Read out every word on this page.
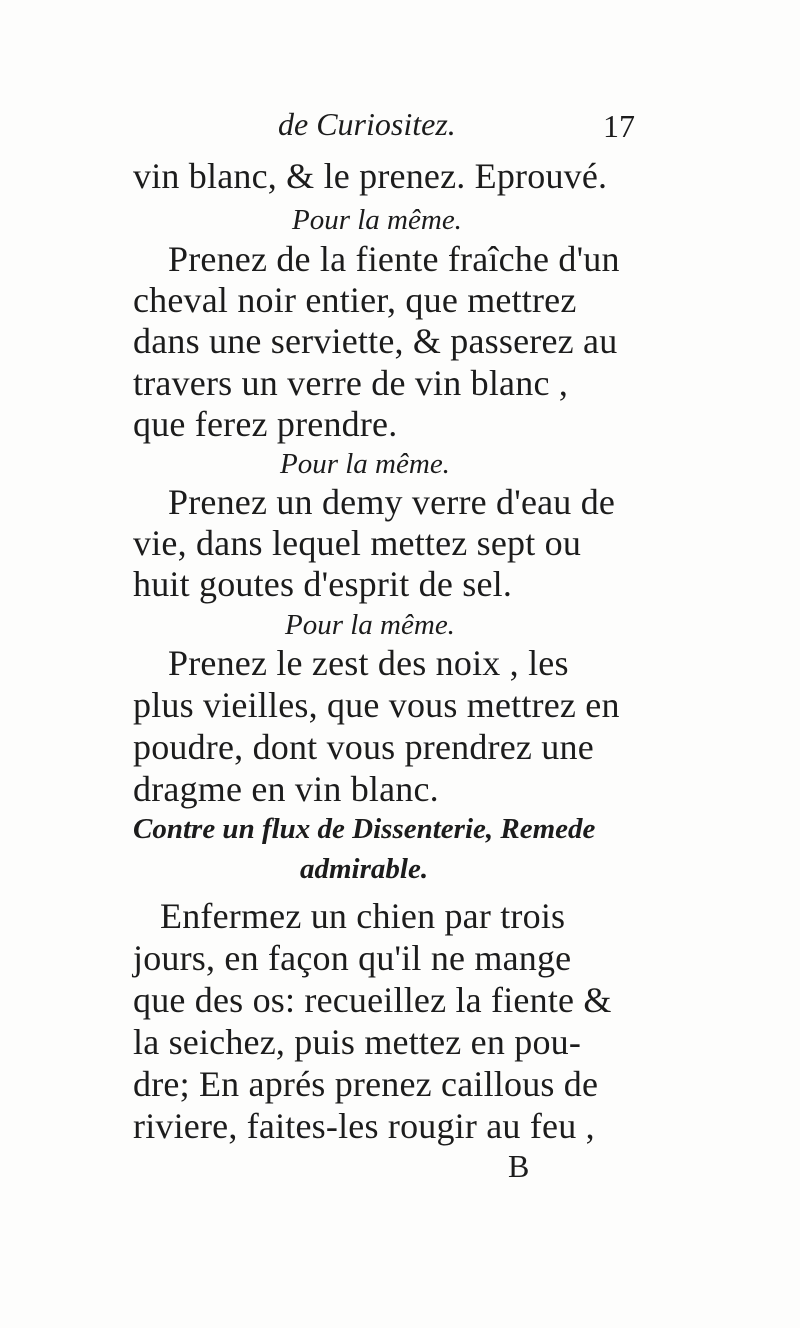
de Curiositez.	17
vin blanc, & le prenez. Eprouvé.
Pour la même.
Prenez de la fiente fraîche d'un
cheval noir entier, que mettrez
dans une serviette, & passerez au
travers un verre de vin blanc ,
que ferez prendre.
Pour la même.
Prenez un demy verre d'eau de
vie, dans lequel mettez sept ou
huit goutes d'esprit de sel.
Pour la même.
Prenez le zest des noix , les
plus vieilles, que vous mettrez en
poudre, dont vous prendrez une
dragme en vin blanc.
Contre un flux de Dissenterie, Remede
admirable.
Enfermez un chien par trois
jours, en façon qu'il ne mange
que des os: recueillez la fiente &
la seichez, puis mettez en pou-
dre; En aprés prenez caillous de
riviere, faites-les rougir au feu ,
B
